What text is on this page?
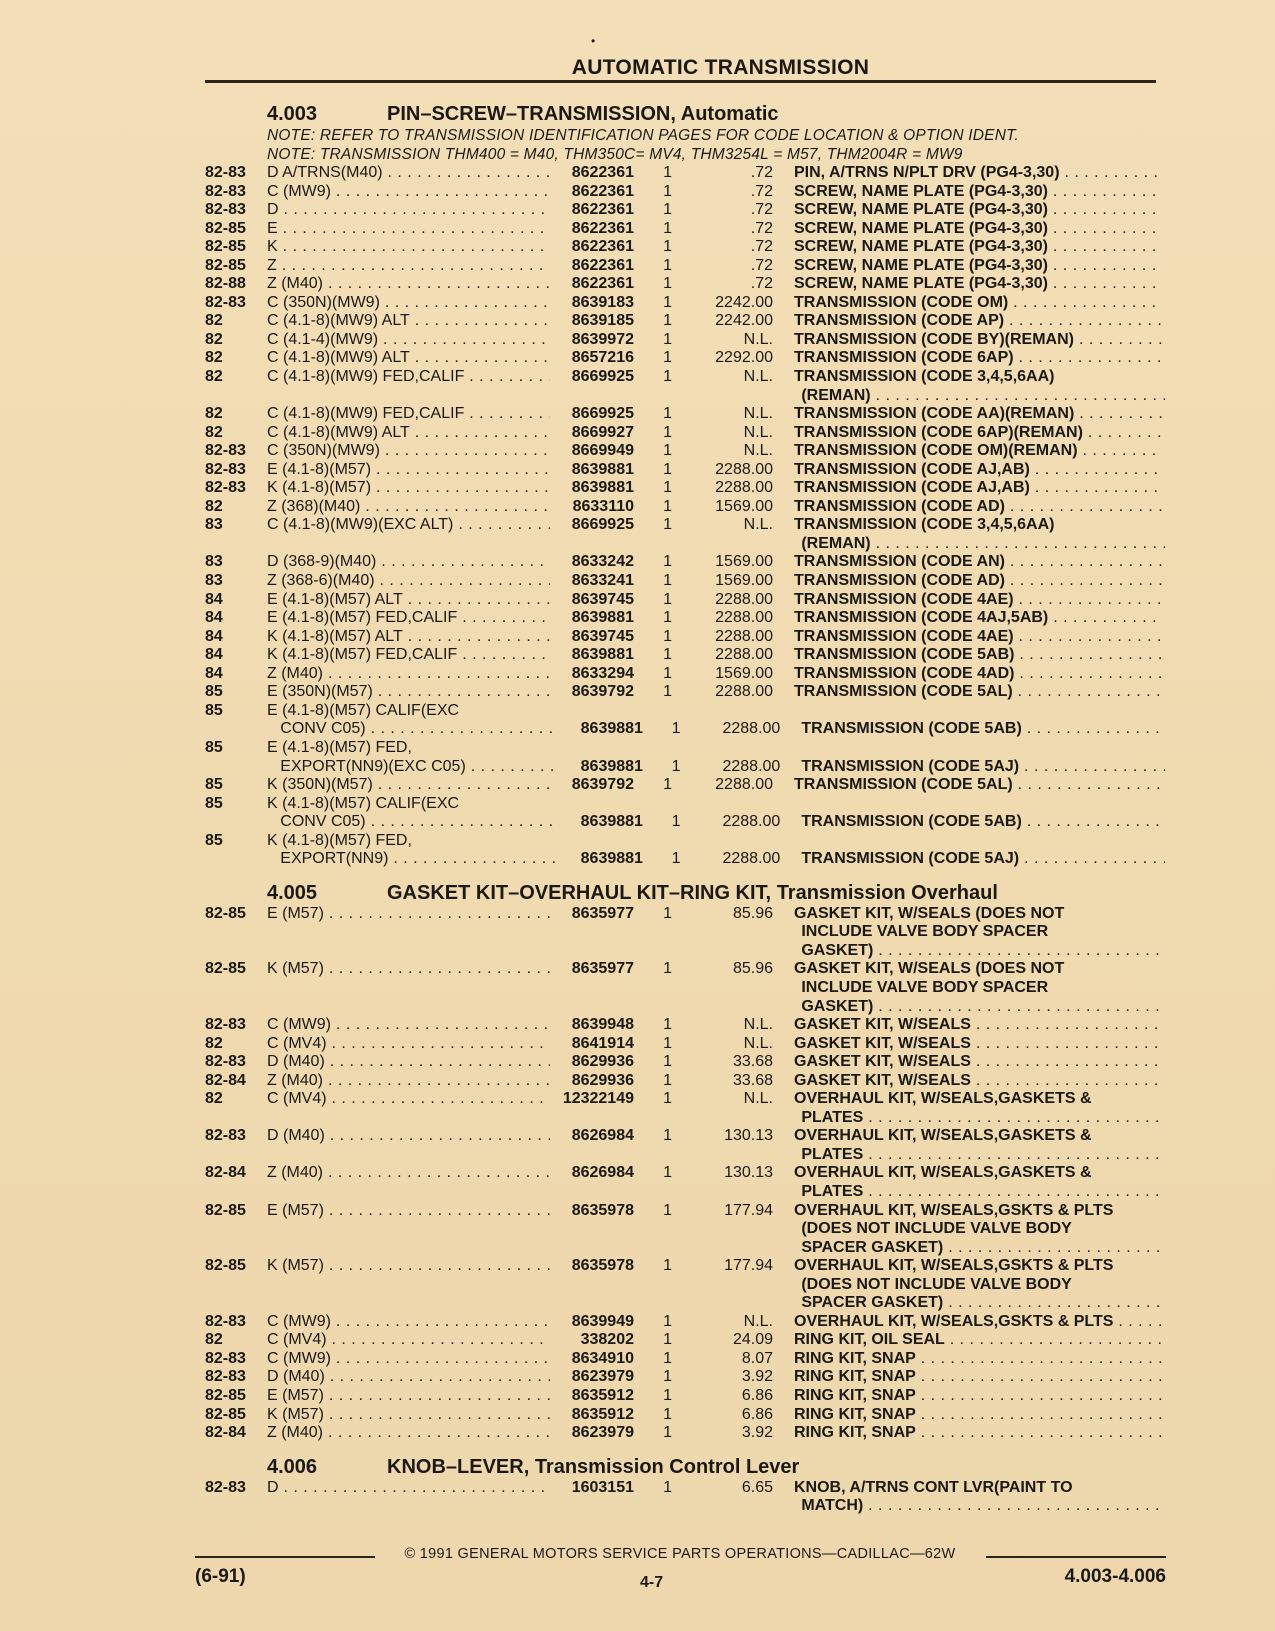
•
AUTOMATIC TRANSMISSION
4.003	PIN–SCREW–TRANSMISSION, Automatic
NOTE: REFER TO TRANSMISSION IDENTIFICATION PAGES FOR CODE LOCATION & OPTION IDENT.
NOTE: TRANSMISSION THM400 = M40, THM350C= MV4, THM3254L = M57, THM2004R = MW9
82-83	D A/TRNS(M40) . . .	8622361	1	.72	PIN, A/TRNS N/PLT DRV (PG4-3,30) . . .
82-83	C (MW9) . . .	8622361	1	.72	SCREW, NAME PLATE (PG4-3,30) . . .
82-83	D . . .	8622361	1	.72	SCREW, NAME PLATE (PG4-3,30) . . .
82-85	E . . .	8622361	1	.72	SCREW, NAME PLATE (PG4-3,30) . . .
82-85	K . . .	8622361	1	.72	SCREW, NAME PLATE (PG4-3,30) . . .
82-85	Z . . .	8622361	1	.72	SCREW, NAME PLATE (PG4-3,30) . . .
82-88	Z (M40) . . .	8622361	1	.72	SCREW, NAME PLATE (PG4-3,30) . . .
82-83	C (350N)(MW9) . . .	8639183	1	2242.00	TRANSMISSION (CODE OM) . . .
82	C (4.1-8)(MW9) ALT . . .	8639185	1	2242.00	TRANSMISSION (CODE AP) . . .
82	C (4.1-4)(MW9) . . .	8639972	1	N.L.	TRANSMISSION (CODE BY)(REMAN) . . .
82	C (4.1-8)(MW9) ALT . . .	8657216	1	2292.00	TRANSMISSION (CODE 6AP) . . .
82	C (4.1-8)(MW9) FED,CALIF . . .	8669925	1	N.L.	TRANSMISSION (CODE 3,4,5,6AA)
(REMAN) . . .
82	C (4.1-8)(MW9) FED,CALIF . . .	8669925	1	N.L.	TRANSMISSION (CODE AA)(REMAN) . . .
82	C (4.1-8)(MW9) ALT . . .	8669927	1	N.L.	TRANSMISSION (CODE 6AP)(REMAN) . . .
82-83	C (350N)(MW9) . . .	8669949	1	N.L.	TRANSMISSION (CODE OM)(REMAN) . . .
82-83	E (4.1-8)(M57) . . .	8639881	1	2288.00	TRANSMISSION (CODE AJ,AB) . . .
82-83	K (4.1-8)(M57) . . .	8639881	1	2288.00	TRANSMISSION (CODE AJ,AB) . . .
82	Z (368)(M40) . . .	8633110	1	1569.00	TRANSMISSION (CODE AD) . . .
83	C (4.1-8)(MW9)(EXC ALT) . . .	8669925	1	N.L.	TRANSMISSION (CODE 3,4,5,6AA)
(REMAN) . . .
83	D (368-9)(M40) . . .	8633242	1	1569.00	TRANSMISSION (CODE AN) . . .
83	Z (368-6)(M40) . . .	8633241	1	1569.00	TRANSMISSION (CODE AD) . . .
84	E (4.1-8)(M57) ALT . . .	8639745	1	2288.00	TRANSMISSION (CODE 4AE) . . .
84	E (4.1-8)(M57) FED,CALIF . . .	8639881	1	2288.00	TRANSMISSION (CODE 4AJ,5AB) . . .
84	K (4.1-8)(M57) ALT . . .	8639745	1	2288.00	TRANSMISSION (CODE 4AE) . . .
84	K (4.1-8)(M57) FED,CALIF . . .	8639881	1	2288.00	TRANSMISSION (CODE 5AB) . . .
84	Z (M40) . . .	8633294	1	1569.00	TRANSMISSION (CODE 4AD) . . .
85	E (350N)(M57) . . .	8639792	1	2288.00	TRANSMISSION (CODE 5AL) . . .
85	E (4.1-8)(M57) CALIF(EXC
CONV C05) . . .	8639881	1	2288.00	TRANSMISSION (CODE 5AB) . . .
85	E (4.1-8)(M57) FED,
EXPORT(NN9)(EXC C05) . . .	8639881	1	2288.00	TRANSMISSION (CODE 5AJ) . . .
85	K (350N)(M57) . . .	8639792	1	2288.00	TRANSMISSION (CODE 5AL) . . .
85	K (4.1-8)(M57) CALIF(EXC
CONV C05) . . .	8639881	1	2288.00	TRANSMISSION (CODE 5AB) . . .
85	K (4.1-8)(M57) FED,
EXPORT(NN9) . . .	8639881	1	2288.00	TRANSMISSION (CODE 5AJ) . . .
4.005	GASKET KIT–OVERHAUL KIT–RING KIT, Transmission Overhaul
82-85	E (M57) . . .	8635977	1	85.96	GASKET KIT, W/SEALS (DOES NOT
INCLUDE VALVE BODY SPACER
GASKET) . . .
82-85	K (M57) . . .	8635977	1	85.96	GASKET KIT, W/SEALS (DOES NOT
INCLUDE VALVE BODY SPACER
GASKET) . . .
82-83	C (MW9) . . .	8639948	1	N.L.	GASKET KIT, W/SEALS . . .
82	C (MV4) . . .	8641914	1	N.L.	GASKET KIT, W/SEALS . . .
82-83	D (M40) . . .	8629936	1	33.68	GASKET KIT, W/SEALS . . .
82-84	Z (M40) . . .	8629936	1	33.68	GASKET KIT, W/SEALS . . .
82	C (MV4) . . .	12322149	1	N.L.	OVERHAUL KIT, W/SEALS,GASKETS &
PLATES . . .
82-83	D (M40) . . .	8626984	1	130.13	OVERHAUL KIT, W/SEALS,GASKETS &
PLATES . . .
82-84	Z (M40) . . .	8626984	1	130.13	OVERHAUL KIT, W/SEALS,GASKETS &
PLATES . . .
82-85	E (M57) . . .	8635978	1	177.94	OVERHAUL KIT, W/SEALS,GSKTS & PLTS
(DOES NOT INCLUDE VALVE BODY
SPACER GASKET) . . .
82-85	K (M57) . . .	8635978	1	177.94	OVERHAUL KIT, W/SEALS,GSKTS & PLTS
(DOES NOT INCLUDE VALVE BODY
SPACER GASKET) . . .
82-83	C (MW9) . . .	8639949	1	N.L.	OVERHAUL KIT, W/SEALS,GSKTS & PLTS . . .
82	C (MV4) . . .	338202	1	24.09	RING KIT, OIL SEAL . . .
82-83	C (MW9) . . .	8634910	1	8.07	RING KIT, SNAP . . .
82-83	D (M40) . . .	8623979	1	3.92	RING KIT, SNAP . . .
82-85	E (M57) . . .	8635912	1	6.86	RING KIT, SNAP . . .
82-85	K (M57) . . .	8635912	1	6.86	RING KIT, SNAP . . .
82-84	Z (M40) . . .	8623979	1	3.92	RING KIT, SNAP . . .
4.006	KNOB–LEVER, Transmission Control Lever
82-83	D . . .	1603151	1	6.65	KNOB, A/TRNS CONT LVR(PAINT TO
MATCH) . . .
© 1991 GENERAL MOTORS SERVICE PARTS OPERATIONS—CADILLAC—62W
(6-91)	4-7	4.003-4.006
